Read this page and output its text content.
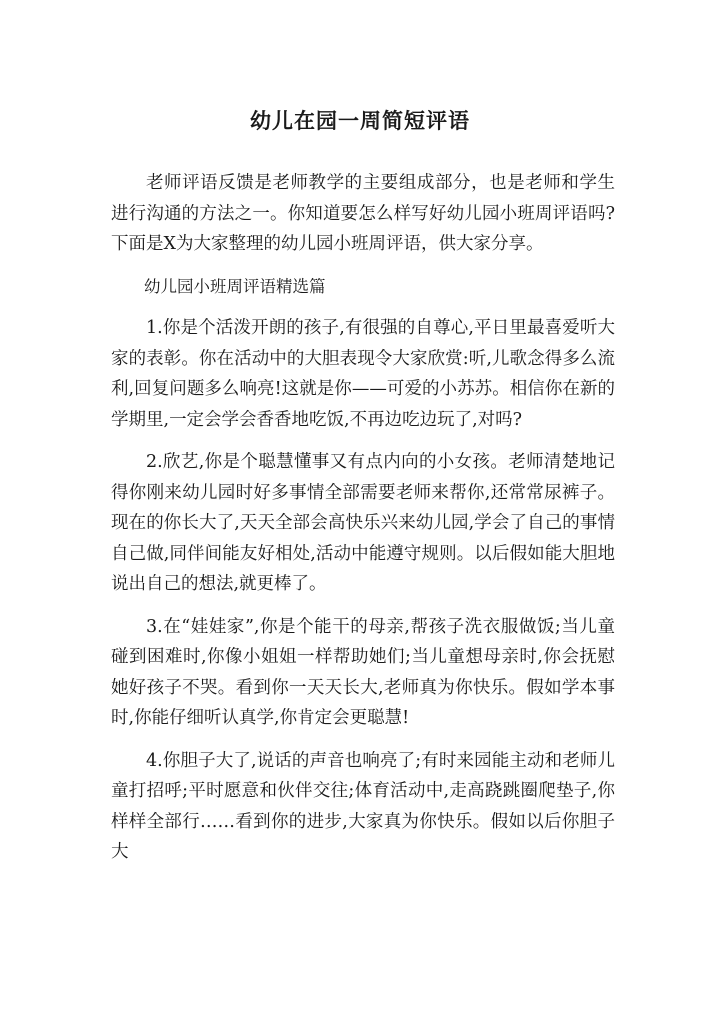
幼儿在园一周简短评语

老师评语反馈是老师教学的主要组成部分，也是老师和学生进行沟通的方法之一。你知道要怎么样写好幼儿园小班周评语吗?下面是X为大家整理的幼儿园小班周评语，供大家分享。

幼儿园小班周评语精选篇

1.你是个活泼开朗的孩子,有很强的自尊心,平日里最喜爱听大家的表彰。你在活动中的大胆表现令大家欣赏:听,儿歌念得多么流利,回复问题多么响亮!这就是你——可爱的小苏苏。相信你在新的学期里,一定会学会香香地吃饭,不再边吃边玩了,对吗?

2.欣艺,你是个聪慧懂事又有点内向的小女孩。老师清楚地记得你刚来幼儿园时好多事情全部需要老师来帮你,还常常尿裤子。现在的你长大了,天天全部会高快乐兴来幼儿园,学会了自己的事情自己做,同伴间能友好相处,活动中能遵守规则。以后假如能大胆地说出自己的想法,就更棒了。

3.在“娃娃家”,你是个能干的母亲,帮孩子洗衣服做饭;当儿童碰到困难时,你像小姐姐一样帮助她们;当儿童想母亲时,你会抚慰她好孩子不哭。看到你一天天长大,老师真为你快乐。假如学本事时,你能仔细听认真学,你肯定会更聪慧!

4.你胆子大了,说话的声音也响亮了;有时来园能主动和老师儿童打招呼;平时愿意和伙伴交往;体育活动中,走高跷跳圈爬垫子,你样样全部行……看到你的进步,大家真为你快乐。假如以后你胆子大
